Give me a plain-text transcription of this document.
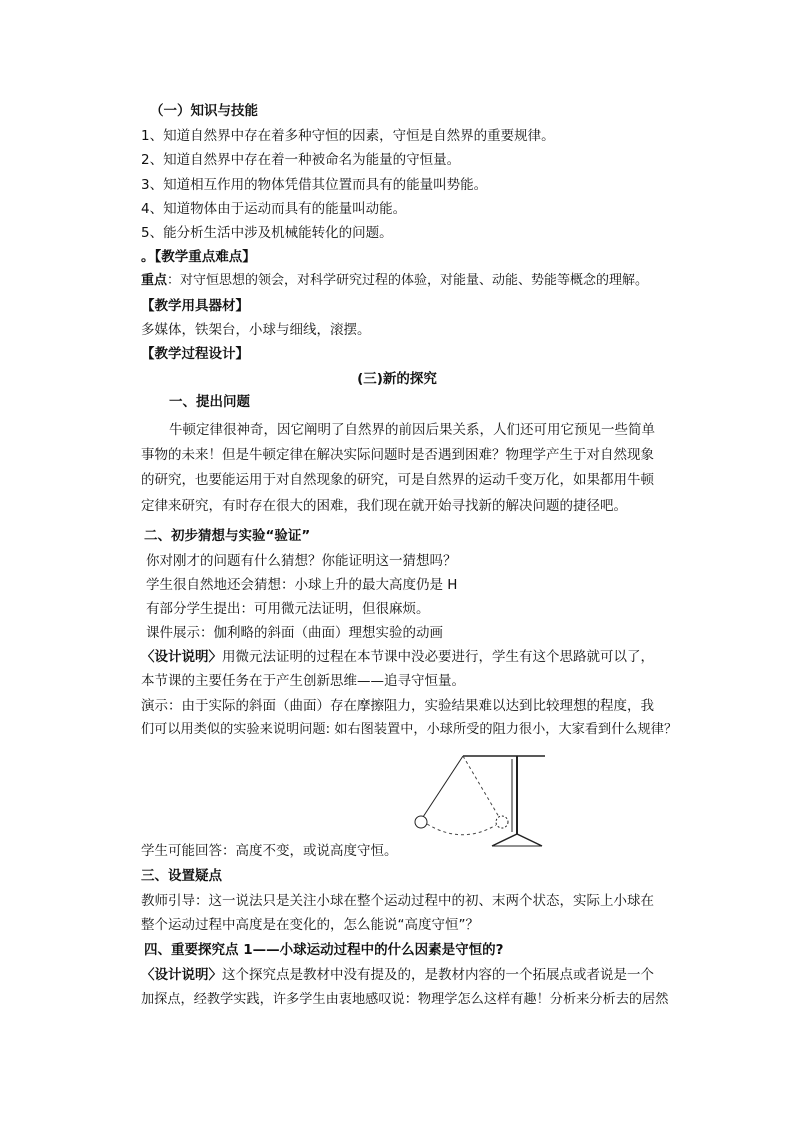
（一）知识与技能
1、知道自然界中存在着多种守恒的因素，守恒是自然界的重要规律。
2、知道自然界中存在着一种被命名为能量的守恒量。
3、知道相互作用的物体凭借其位置而具有的能量叫势能。
4、知道物体由于运动而具有的能量叫动能。
5、能分析生活中涉及机械能转化的问题。
。【教学重点难点】
重点：对守恒思想的领会，对科学研究过程的体验，对能量、动能、势能等概念的理解。
【教学用具器材】
多媒体，铁架台，小球与细线，滚摆。
【教学过程设计】
(三)新的探究
一、提出问题
牛顿定律很神奇，因它阐明了自然界的前因后果关系，人们还可用它预见一些简单
事物的未来！但是牛顿定律在解决实际问题时是否遇到困难？物理学产生于对自然现象
的研究，也要能运用于对自然现象的研究，可是自然界的运动千变万化，如果都用牛顿
定律来研究，有时存在很大的困难，我们现在就开始寻找新的解决问题的捷径吧。
二、初步猜想与实验“验证”
你对刚才的问题有什么猜想？你能证明这一猜想吗？
学生很自然地还会猜想：小球上升的最大高度仍是 H
有部分学生提出：可用微元法证明，但很麻烦。
课件展示：伽利略的斜面（曲面）理想实验的动画
〈设计说明〉用微元法证明的过程在本节课中没必要进行，学生有这个思路就可以了，
本节课的主要任务在于产生创新思维——追寻守恒量。
演示：由于实际的斜面（曲面）存在摩擦阻力，实验结果难以达到比较理想的程度，我
们可以用类似的实验来说明问题: 如右图装置中，小球所受的阻力很小，大家看到什么规律？
学生可能回答：高度不变，或说高度守恒。
三、设置疑点
教师引导：这一说法只是关注小球在整个运动过程中的初、末两个状态，实际上小球在
整个运动过程中高度是在变化的，怎么能说“高度守恒”？
四、重要探究点 1——小球运动过程中的什么因素是守恒的?
〈设计说明〉这个探究点是教材中没有提及的，是教材内容的一个拓展点或者说是一个
加探点，经教学实践，许多学生由衷地感叹说：物理学怎么这样有趣！分析来分析去的居然
